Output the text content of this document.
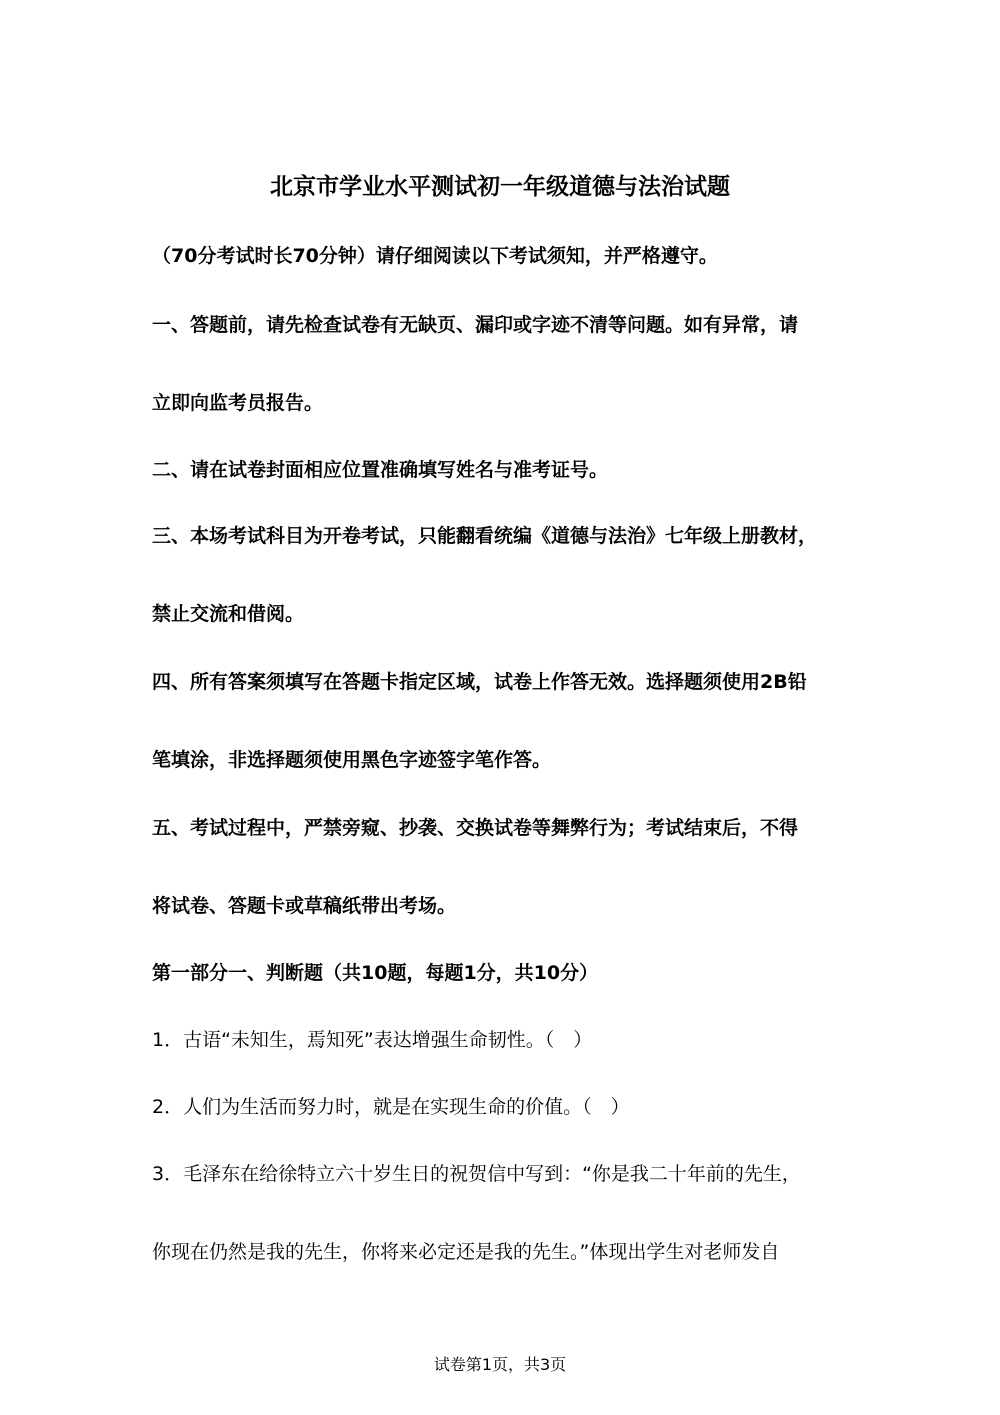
北京市学业水平测试初一年级道德与法治试题
（70分考试时长70分钟）请仔细阅读以下考试须知，并严格遵守。
一、答题前，请先检查试卷有无缺页、漏印或字迹不清等问题。如有异常，请
立即向监考员报告。
二、请在试卷封面相应位置准确填写姓名与准考证号。
三、本场考试科目为开卷考试，只能翻看统编《道德与法治》七年级上册教材，
禁止交流和借阅。
四、所有答案须填写在答题卡指定区域，试卷上作答无效。选择题须使用2B铅
笔填涂，非选择题须使用黑色字迹签字笔作答。
五、考试过程中，严禁旁窥、抄袭、交换试卷等舞弊行为；考试结束后，不得
将试卷、答题卡或草稿纸带出考场。
第一部分一、判断题（共10题，每题1分，共10分）
1．古语“未知生，焉知死”表达增强生命韧性。（　）
2．人们为生活而努力时，就是在实现生命的价值。（　）
3．毛泽东在给徐特立六十岁生日的祝贺信中写到：“你是我二十年前的先生，
你现在仍然是我的先生，你将来必定还是我的先生。”体现出学生对老师发自
试卷第1页，共3页
